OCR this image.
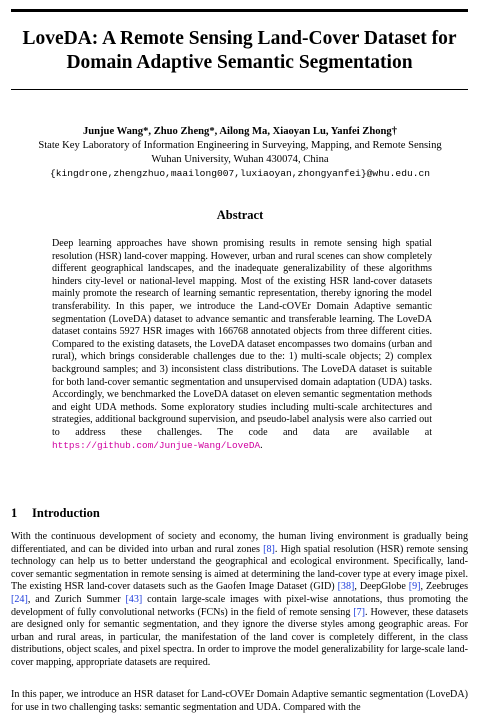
LoveDA: A Remote Sensing Land-Cover Dataset for
Domain Adaptive Semantic Segmentation
Junjue Wang*, Zhuo Zheng*, Ailong Ma, Xiaoyan Lu, Yanfei Zhong†
State Key Laboratory of Information Engineering in Surveying, Mapping, and Remote Sensing
Wuhan University, Wuhan 430074, China
{kingdrone,zhengzhuo,maailong007,luxiaoyan,zhongyanfei}@whu.edu.cn
Abstract
Deep learning approaches have shown promising results in remote sensing high spatial resolution (HSR) land-cover mapping. However, urban and rural scenes can show completely different geographical landscapes, and the inadequate generalizability of these algorithms hinders city-level or national-level mapping. Most of the existing HSR land-cover datasets mainly promote the research of learning semantic representation, thereby ignoring the model transferability. In this paper, we introduce the Land-cOVEr Domain Adaptive semantic segmentation (LoveDA) dataset to advance semantic and transferable learning. The LoveDA dataset contains 5927 HSR images with 166768 annotated objects from three different cities. Compared to the existing datasets, the LoveDA dataset encompasses two domains (urban and rural), which brings considerable challenges due to the: 1) multi-scale objects; 2) complex background samples; and 3) inconsistent class distributions. The LoveDA dataset is suitable for both land-cover semantic segmentation and unsupervised domain adaptation (UDA) tasks. Accordingly, we benchmarked the LoveDA dataset on eleven semantic segmentation methods and eight UDA methods. Some exploratory studies including multi-scale architectures and strategies, additional background supervision, and pseudo-label analysis were also carried out to address these challenges. The code and data are available at https://github.com/Junjue-Wang/LoveDA.
1 Introduction
With the continuous development of society and economy, the human living environment is gradually being differentiated, and can be divided into urban and rural zones [8]. High spatial resolution (HSR) remote sensing technology can help us to better understand the geographical and ecological environment. Specifically, land-cover semantic segmentation in remote sensing is aimed at determining the land-cover type at every image pixel. The existing HSR land-cover datasets such as the Gaofen Image Dataset (GID) [38], DeepGlobe [9], Zeebruges [24], and Zurich Summer [43] contain large-scale images with pixel-wise annotations, thus promoting the development of fully convolutional networks (FCNs) in the field of remote sensing [7]. However, these datasets are designed only for semantic segmentation, and they ignore the diverse styles among geographic areas. For urban and rural areas, in particular, the manifestation of the land cover is completely different, in the class distributions, object scales, and pixel spectra. In order to improve the model generalizability for large-scale land-cover mapping, appropriate datasets are required.
In this paper, we introduce an HSR dataset for Land-cOVEr Domain Adaptive semantic segmentation (LoveDA) for use in two challenging tasks: semantic segmentation and UDA. Compared with the
